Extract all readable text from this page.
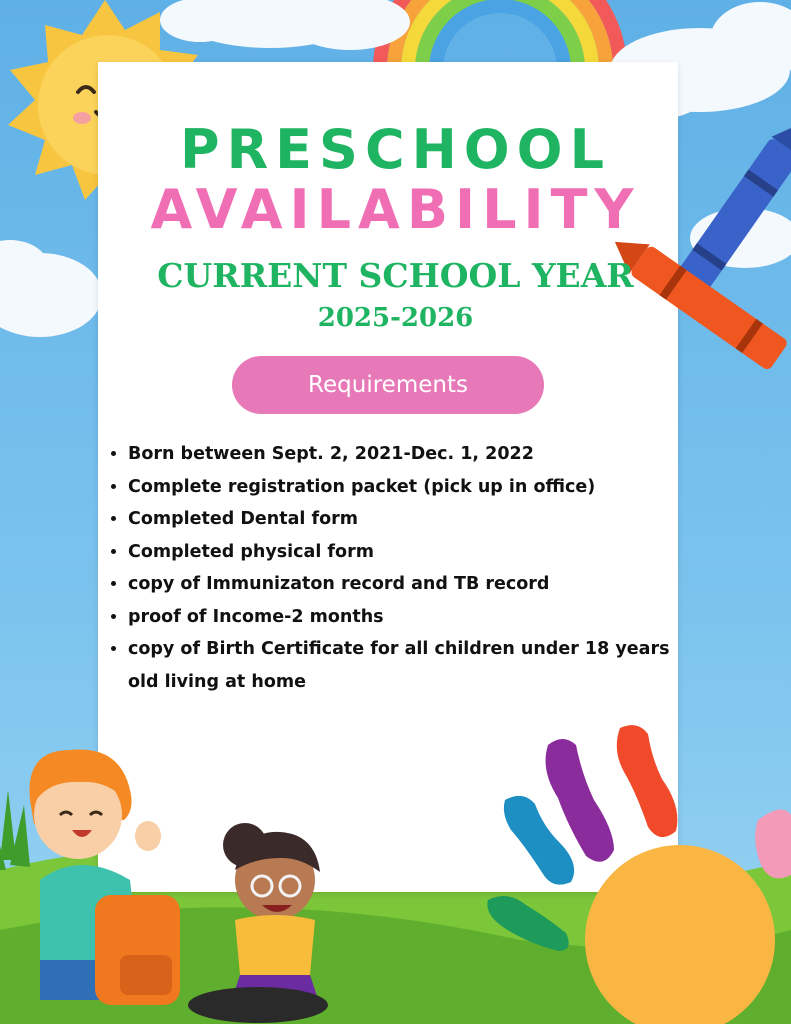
PRESCHOOL
AVAILABILITY
CURRENT SCHOOL YEAR
2025-2026
Requirements
• Born between Sept. 2, 2021-Dec. 1, 2022
• Complete registration packet (pick up in office)
• Completed Dental form
• Completed physical form
• copy of Immunizaton record and TB record
• proof of Income-2 months
• copy of Birth Certificate for all children under 18 years old living at home
